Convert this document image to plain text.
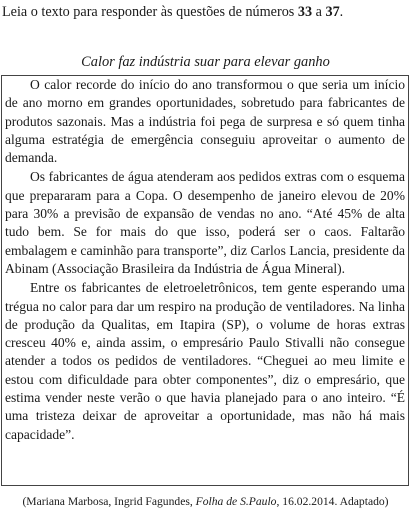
Leia o texto para responder às questões de números 33 a 37.
Calor faz indústria suar para elevar ganho

O calor recorde do início do ano transformou o que seria um início de ano morno em grandes oportunidades, sobretudo para fabricantes de produtos sazonais. Mas a indústria foi pega de surpresa e só quem tinha alguma estratégia de emergência conseguiu aproveitar o aumento de demanda.

Os fabricantes de água atenderam aos pedidos extras com o esquema que prepararam para a Copa. O desempenho de janeiro elevou de 20% para 30% a previsão de expansão de vendas no ano. “Até 45% de alta tudo bem. Se for mais do que isso, poderá ser o caos. Faltarão embalagem e caminhão para transporte”, diz Carlos Lancia, presidente da Abinam (Associação Brasileira da Indústria de Água Mineral).

Entre os fabricantes de eletroeletrônicos, tem gente esperando uma trégua no calor para dar um respiro na produção de ventiladores. Na linha de produção da Qualitas, em Itapira (SP), o volume de horas extras cresceu 40% e, ainda assim, o empresário Paulo Stivalli não consegue atender a todos os pedidos de ventiladores. “Cheguei ao meu limite e estou com dificuldade para obter componentes”, diz o empresário, que estima vender neste verão o que havia planejado para o ano inteiro. “É uma tristeza deixar de aproveitar a oportunidade, mas não há mais capacidade”.

(Mariana Marbosa, Ingrid Fagundes, Folha de S.Paulo, 16.02.2014. Adaptado)
